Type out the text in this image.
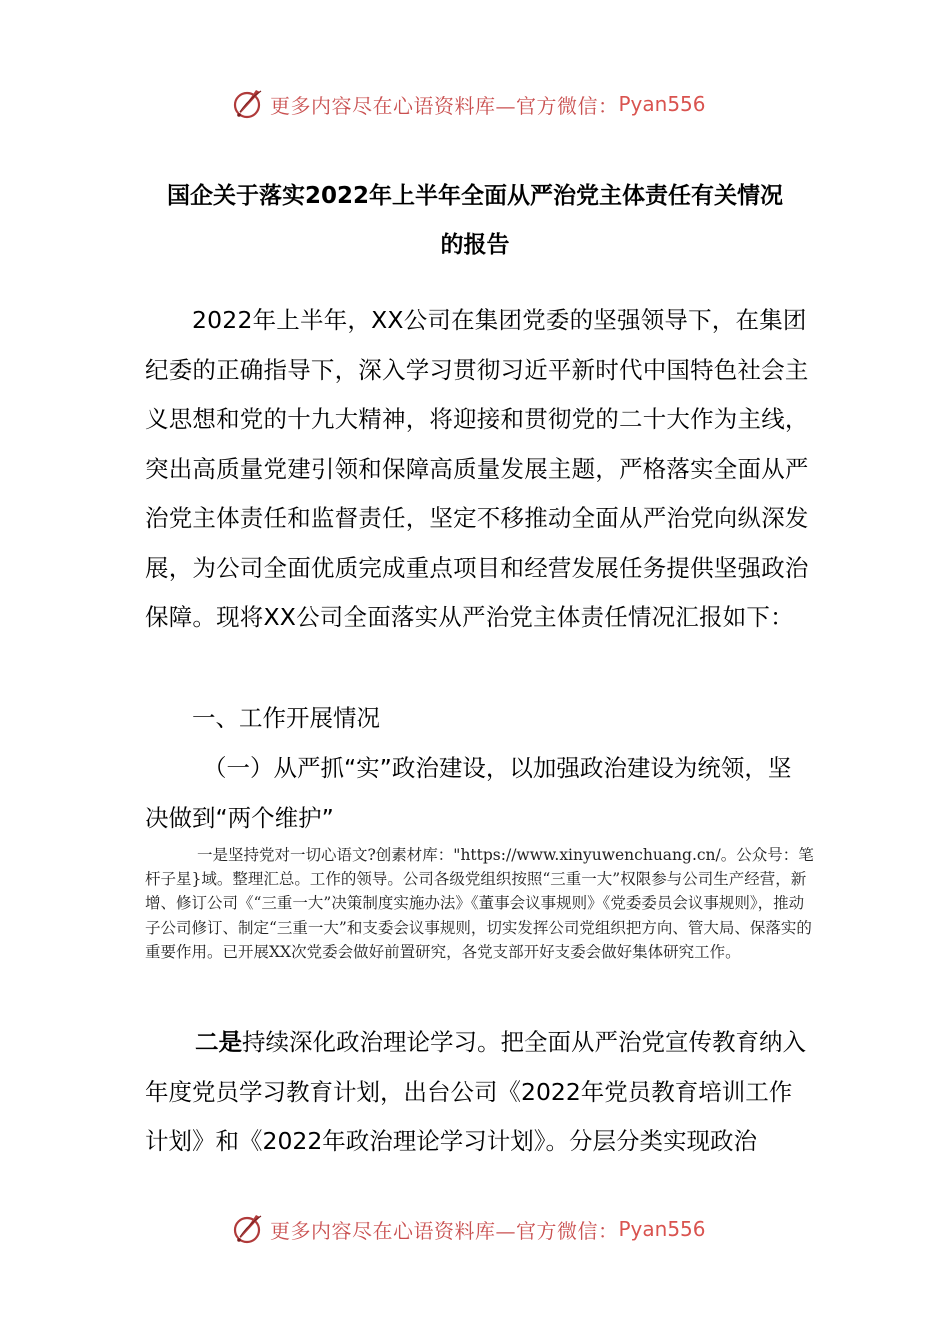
更多内容尽在心语资料库—官方微信： Pyan556
国企关于落实2022年上半年全面从严治党主体责任有关情况
的报告

2022年上半年，XX公司在集团党委的坚强领导下，在集团纪委的正确指导下，深入学习贯彻习近平新时代中国特色社会主义思想和党的十九大精神，将迎接和贯彻党的二十大作为主线，突出高质量党建引领和保障高质量发展主题，严格落实全面从严治党主体责任和监督责任，坚定不移推动全面从严治党向纵深发展，为公司全面优质完成重点项目和经营发展任务提供坚强政治保障。现将XX公司全面落实从严治党主体责任情况汇报如下：

一、工作开展情况

（一）从严抓“实”政治建设，以加强政治建设为统领，坚决做到“两个维护”

一是坚持党对一切心语文?创素材库："https://www.xinyuwenchuang.cn/。公众号：笔杆子星}域。整理汇总。工作的领导。公司各级党组织按照“三重一大”权限参与公司生产经营，新增、修订公司《“三重一大”决策制度实施办法》《董事会议事规则》《党委委员会议事规则》，推动子公司修订、制定“三重一大”和支委会议事规则，切实发挥公司党组织把方向、管大局、保落实的重要作用。已开展XX次党委会做好前置研究，各党支部开好支委会做好集体研究工作。

二是持续深化政治理论学习。把全面从严治党宣传教育纳入年度党员学习教育计划，出台公司《2022年党员教育培训工作计划》和《2022年政治理论学习计划》。分层分类实现政治

更多内容尽在心语资料库—官方微信： Pyan556
